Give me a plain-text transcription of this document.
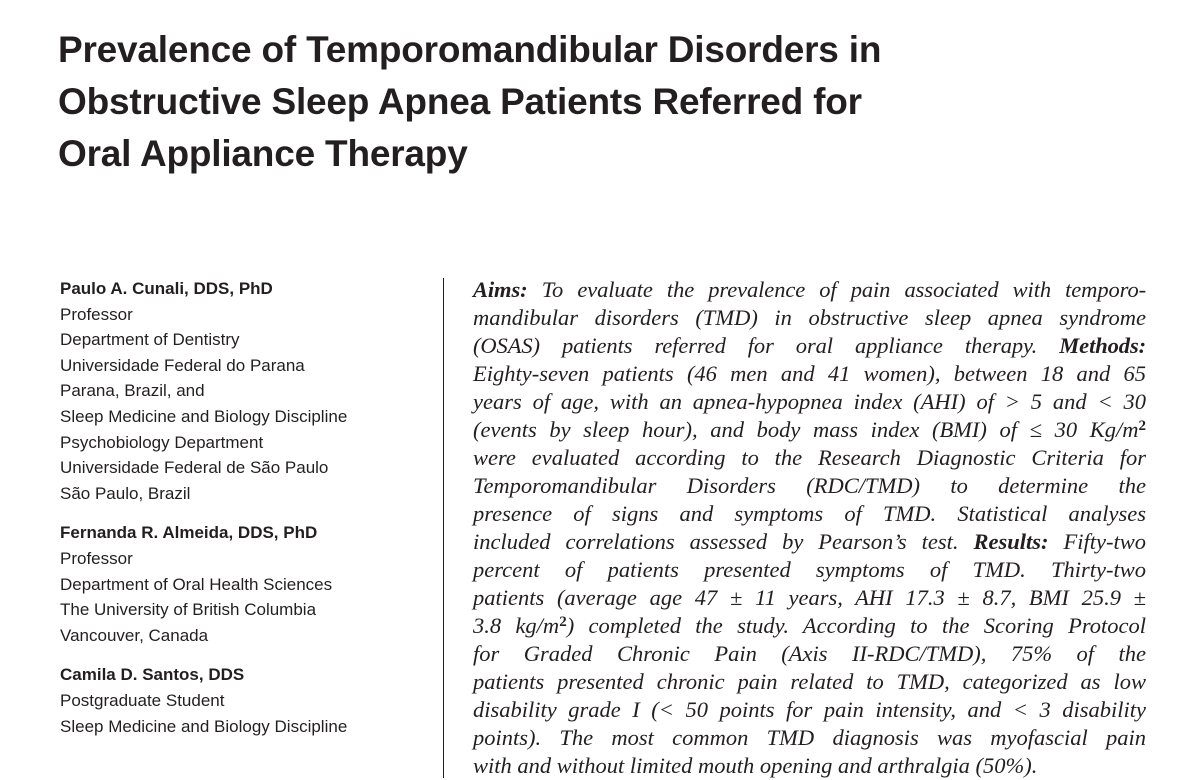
Prevalence of Temporomandibular Disorders in
Obstructive Sleep Apnea Patients Referred for
Oral Appliance Therapy
Paulo A. Cunali, DDS, PhD
Professor
Department of Dentistry
Universidade Federal do Parana
Parana, Brazil, and
Sleep Medicine and Biology Discipline
Psychobiology Department
Universidade Federal de São Paulo
São Paulo, Brazil
Fernanda R. Almeida, DDS, PhD
Professor
Department of Oral Health Sciences
The University of British Columbia
Vancouver, Canada
Camila D. Santos, DDS
Postgraduate Student
Sleep Medicine and Biology Discipline
Aims: To evaluate the prevalence of pain associated with temporo-
mandibular disorders (TMD) in obstructive sleep apnea syndrome
(OSAS) patients referred for oral appliance therapy. Methods:
Eighty-seven patients (46 men and 41 women), between 18 and 65
years of age, with an apnea-hypopnea index (AHI) of > 5 and < 30
(events by sleep hour), and body mass index (BMI) of ≤ 30 $Kg/m^2$
were evaluated according to the Research Diagnostic Criteria for
Temporomandibular Disorders (RDC/TMD) to determine the
presence of signs and symptoms of TMD. Statistical analyses
included correlations assessed by Pearson’s test. Results: Fifty-two
percent of patients presented symptoms of TMD. Thirty-two
patients (average age 47 ± 11 years, AHI 17.3 ± 8.7, BMI 25.9 ±
3.8 $kg/m^2$) completed the study. According to the Scoring Protocol
for Graded Chronic Pain (Axis II-RDC/TMD), 75% of the
patients presented chronic pain related to TMD, categorized as low
disability grade I (< 50 points for pain intensity, and < 3 disability
points). The most common TMD diagnosis was myofascial pain
with and without limited mouth opening and arthralgia (50%).
